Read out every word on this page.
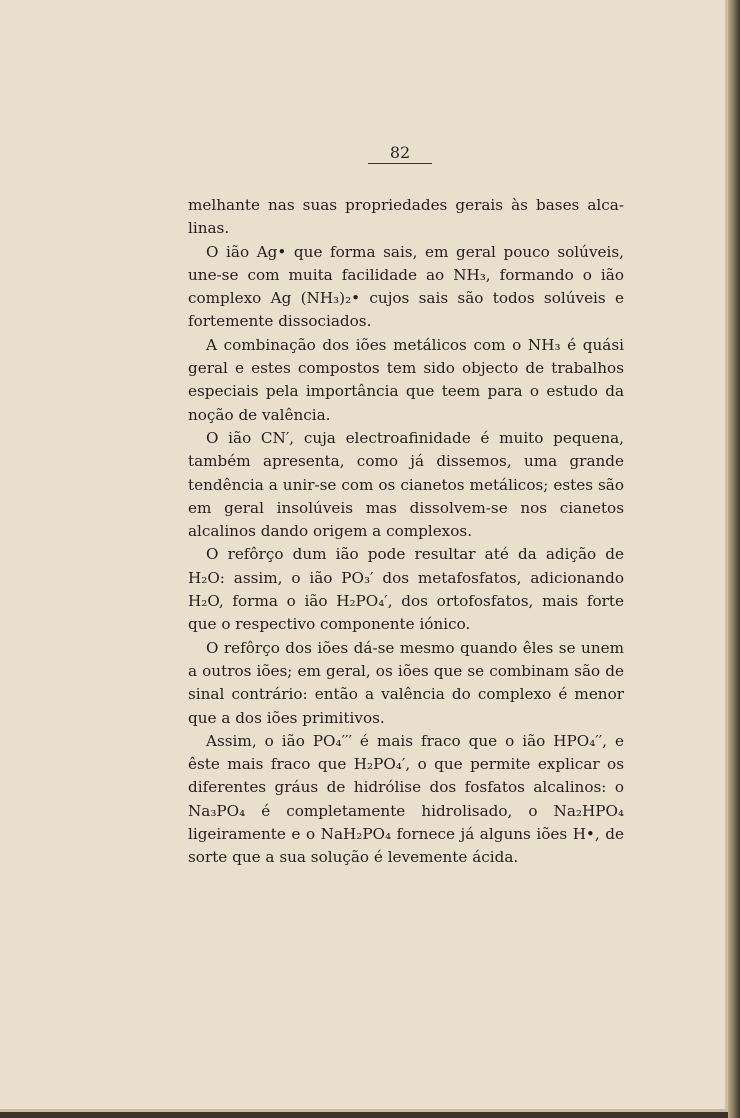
82

melhante nas suas propriedades gerais às bases alca-linas.

O ião Ag• que forma sais, em geral pouco solúveis, une-se com muita facilidade ao NH₃, formando o ião complexo Ag (NH₃)₂• cujos sais são todos solúveis e fortemente dissociados.

A combinação dos iões metálicos com o NH₃ é quási geral e estes compostos tem sido objecto de trabalhos especiais pela importância que teem para o estudo da noção de valência.

O ião CN′, cuja electroafinidade é muito pequena, também apresenta, como já dissemos, uma grande tendência a unir-se com os cianetos metálicos; estes são em geral insolúveis mas dissolvem-se nos cianetos alcalinos dando origem a complexos.

O refôrço dum ião pode resultar até da adição de H₂O: assim, o ião PO₃′ dos metafosfatos, adicionando H₂O, forma o ião H₂PO₄′, dos ortofosfatos, mais forte que o respectivo componente iónico.

O refôrço dos iões dá-se mesmo quando êles se unem a outros iões; em geral, os iões que se combinam são de sinal contrário: então a valência do complexo é menor que a dos iões primitivos.

Assim, o ião PO₄′′′ é mais fraco que o ião HPO₄′′, e êste mais fraco que H₂PO₄′, o que permite explicar os diferentes gráus de hidrólise dos fosfatos alcalinos: o Na₃PO₄ é completamente hidrolisado, o Na₂HPO₄ ligeiramente e o NaH₂PO₄ fornece já alguns iões H•, de sorte que a sua solução é levemente ácida.
